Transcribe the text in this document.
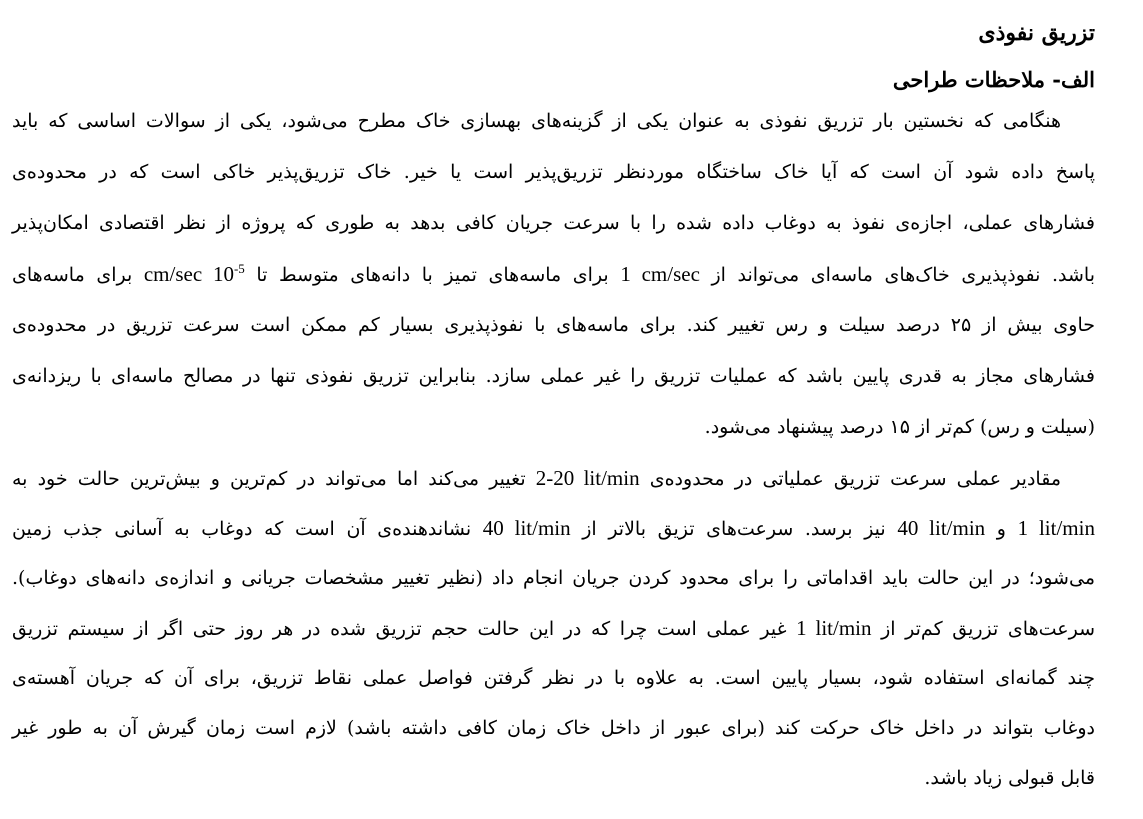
تزریق نفوذی
الف- ملاحظات طراحی
هنگامی که نخستین بار تزریق نفوذی به عنوان یکی از گزینه‌های بهسازی خاک مطرح می‌شود، یکی از سوالات اساسی که باید
پاسخ داده شود آن است که آیا خاک ساختگاه موردنظر تزریق‌پذیر است یا خیر. خاک تزریق‌پذیر خاکی است که در محدوده‌ی
فشارهای عملی، اجازه‌ی نفوذ به دوغاب داده شده را با سرعت جریان کافی بدهد به طوری که پروژه از نظر اقتصادی امکان‌پذیر
باشد. نفوذپذیری خاک‌های ماسه‌ای می‌تواند از 1 cm/sec برای ماسه‌های تمیز با دانه‌های متوسط تا cm/sec $10^{-5}$ برای ماسه‌های
حاوی بیش از ۲۵ درصد سیلت و رس تغییر کند. برای ماسه‌های با نفوذپذیری بسیار کم ممکن است سرعت تزریق در محدوده‌ی
فشارهای مجاز به قدری پایین باشد که عملیات تزریق را غیر عملی سازد. بنابراین تزریق نفوذی تنها در مصالح ماسه‌ای با ریزدانه‌ی
(سیلت و رس) کم‌تر از ۱۵ درصد پیشنهاد می‌شود.
مقادیر عملی سرعت تزریق عملیاتی در محدوده‌ی 2-20 lit/min تغییر می‌کند اما می‌تواند در کم‌ترین و بیش‌ترین حالت خود به
1 lit/min و 40 lit/min نیز برسد. سرعت‌های تزیق بالاتر از 40 lit/min نشاندهنده‌ی آن است که دوغاب به آسانی جذب زمین
می‌شود؛ در این حالت باید اقداماتی را برای محدود کردن جریان انجام داد (نظیر تغییر مشخصات جریانی و اندازه‌ی دانه‌های دوغاب).
سرعت‌های تزریق کم‌تر از 1 lit/min غیر عملی است چرا که در این حالت حجم تزریق شده در هر روز حتی اگر از سیستم تزریق
چند گمانه‌ای استفاده شود، بسیار پایین است. به علاوه با در نظر گرفتن فواصل عملی نقاط تزریق، برای آن که جریان آهسته‌ی
دوغاب بتواند در داخل خاک حرکت کند (برای عبور از داخل خاک زمان کافی داشته باشد) لازم است زمان گیرش آن به طور غیر
قابل قبولی زیاد باشد.
